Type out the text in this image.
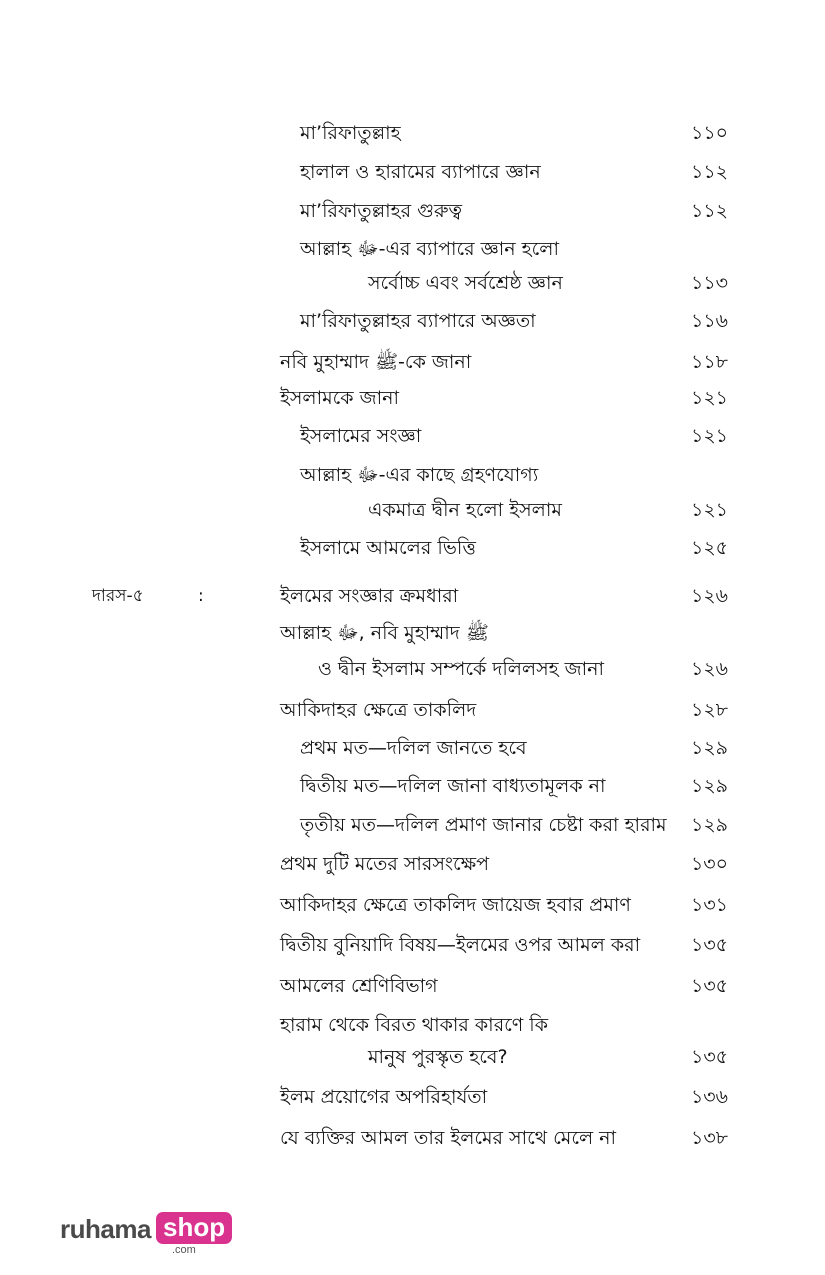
দারস-৫	:
মা’রিফাতুল্লাহ	১১০
হালাল ও হারামের ব্যাপারে জ্ঞান	১১২
মা’রিফাতুল্লাহর গুরুত্ব	১১২
আল্লাহ ﷻ-এর ব্যাপারে জ্ঞান হলো
সর্বোচ্চ এবং সর্বশ্রেষ্ঠ জ্ঞান	১১৩
মা’রিফাতুল্লাহর ব্যাপারে অজ্ঞতা	১১৬
নবি মুহাম্মাদ ﷺ-কে জানা	১১৮
ইসলামকে জানা	১২১
ইসলামের সংজ্ঞা	১২১
আল্লাহ ﷻ-এর কাছে গ্রহণযোগ্য
একমাত্র দ্বীন হলো ইসলাম	১২১
ইসলামে আমলের ভিত্তি	১২৫
ইলমের সংজ্ঞার ক্রমধারা	১২৬
আল্লাহ ﷻ, নবি মুহাম্মাদ ﷺ
ও দ্বীন ইসলাম সম্পর্কে দলিলসহ জানা	১২৬
আকিদাহর ক্ষেত্রে তাকলিদ	১২৮
প্রথম মত—দলিল জানতে হবে	১২৯
দ্বিতীয় মত—দলিল জানা বাধ্যতামূলক না	১২৯
তৃতীয় মত—দলিল প্রমাণ জানার চেষ্টা করা হারাম ১২৯
প্রথম দুটি মতের সারসংক্ষেপ	১৩০
আকিদাহর ক্ষেত্রে তাকলিদ জায়েজ হবার প্রমাণ	১৩১
দ্বিতীয় বুনিয়াদি বিষয়—ইলমের ওপর আমল করা	১৩৫
আমলের শ্রেণিবিভাগ	১৩৫
হারাম থেকে বিরত থাকার কারণে কি
মানুষ পুরস্কৃত হবে?	১৩৫
ইলম প্রয়োগের অপরিহার্যতা	১৩৬
যে ব্যক্তির আমল তার ইলমের সাথে মেলে না	১৩৮
ruhama shop
.com
